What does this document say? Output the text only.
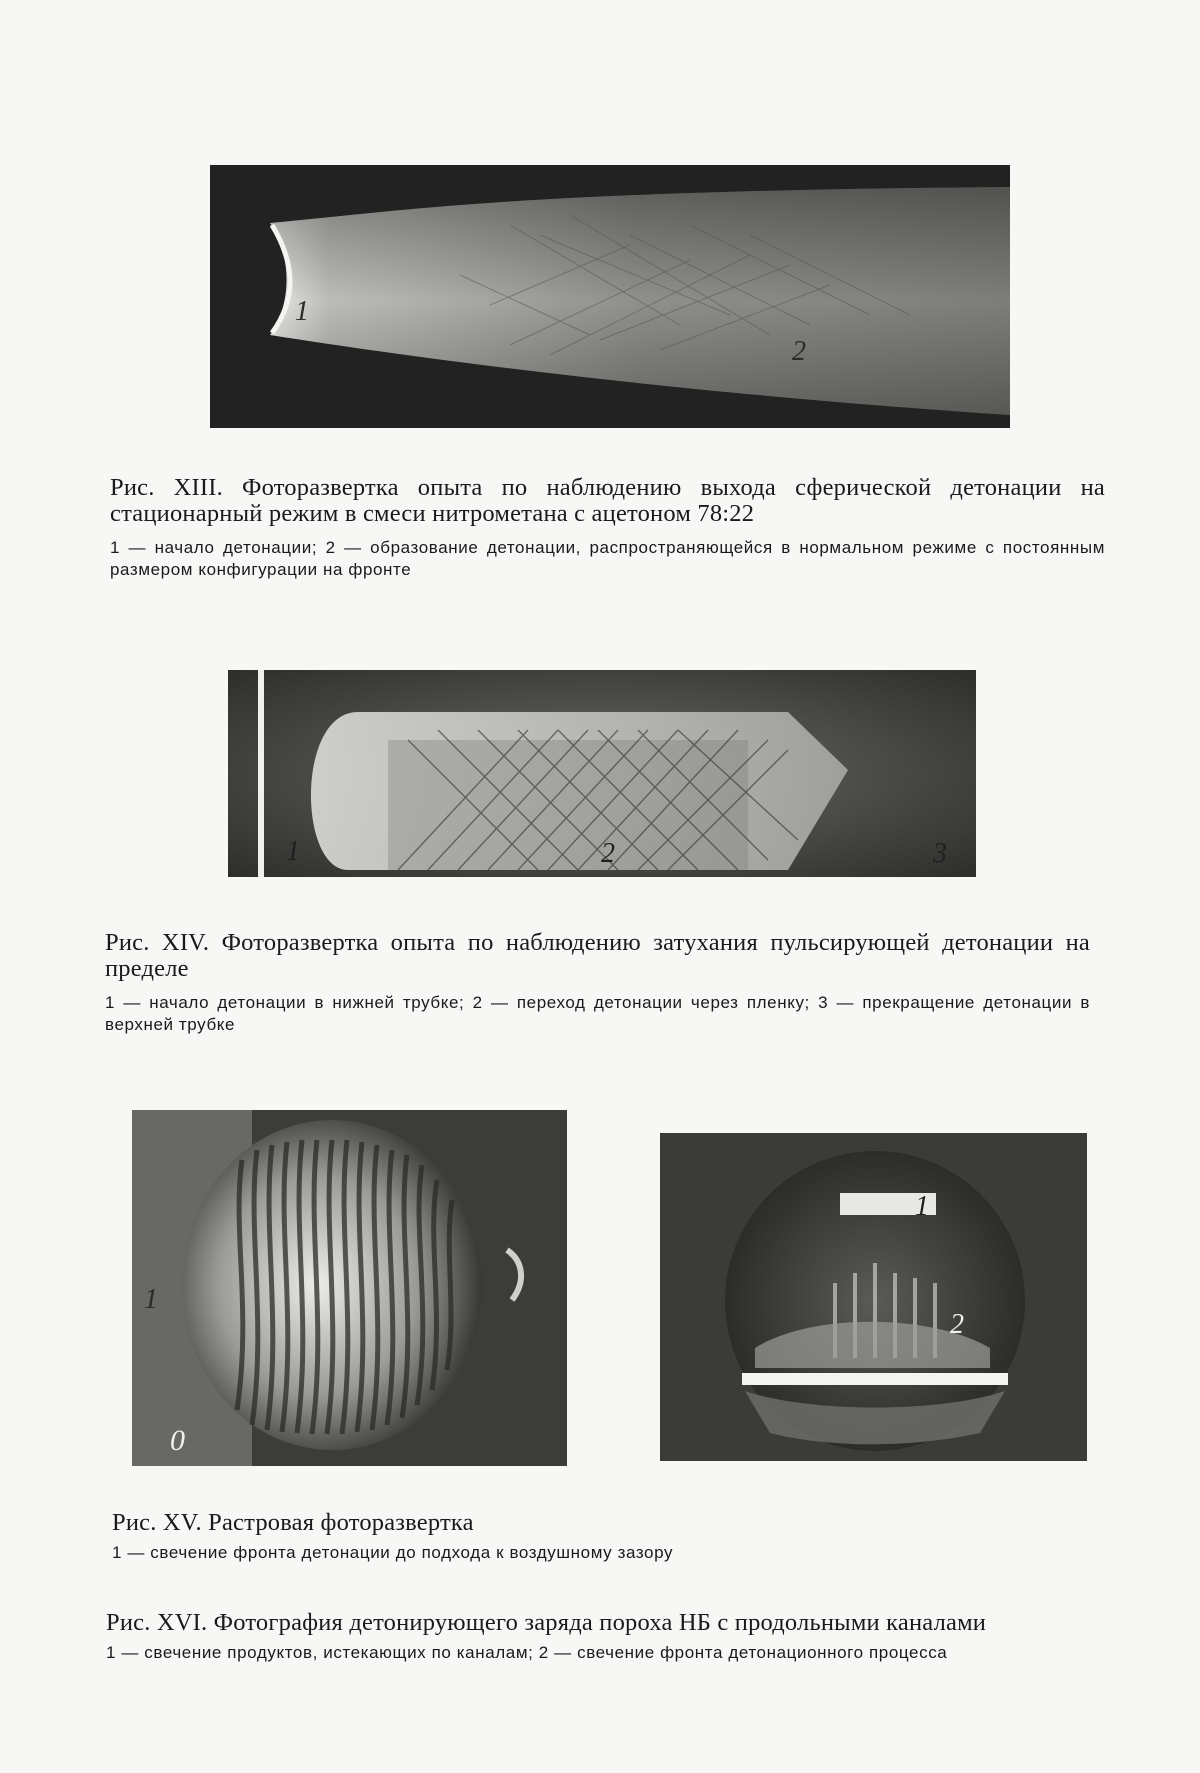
1
2
Рис. XIII. Фоторазвертка опыта по наблюдению выхода сферической детонации на стационарный режим в смеси нитрометана с ацетоном 78:22
1 — начало детонации; 2 — образование детонации, распространяющейся в нормальном режиме с постоянным размером конфигурации на фронте
1	2	3
Рис. XIV. Фоторазвертка опыта по наблюдению затухания пульсирующей детонации на пределе
1 — начало детонации в нижней трубке; 2 — переход детонации через пленку; 3 — прекращение детонации в верхней трубке
1
0
1
2
Рис. XV. Растровая фоторазвертка
1 — свечение фронта детонации до подхода к воздушному зазору
Рис. XVI. Фотография детонирующего заряда пороха НБ с продольными каналами
1 — свечение продуктов, истекающих по каналам; 2 — свечение фронта детонационного процесса
